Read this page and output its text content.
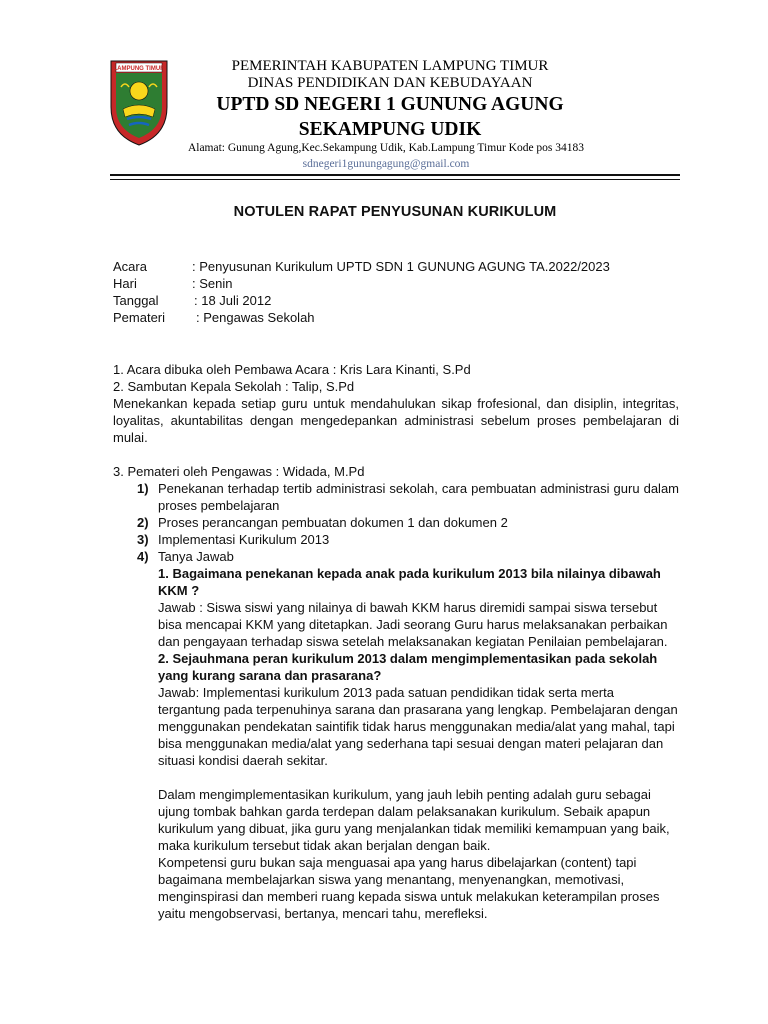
LAMPUNG TIMUR	PEMERINTAH KABUPATEN LAMPUNG TIMUR
DINAS PENDIDIKAN DAN KEBUDAYAAN
UPTD SD NEGERI 1 GUNUNG AGUNG
SEKAMPUNG UDIK
Alamat: Gunung Agung,Kec.Sekampung Udik, Kab.Lampung Timur Kode pos 34183
sdnegeri1gunungagung@gmail.com
NOTULEN RAPAT PENYUSUNAN KURIKULUM
Acara	: Penyusunan Kurikulum UPTD SDN 1 GUNUNG AGUNG TA.2022/2023
Hari	: Senin
Tanggal	: 18 Juli 2012
Pemateri	: Pengawas Sekolah

1. Acara dibuka oleh Pembawa Acara : Kris Lara Kinanti, S.Pd

2. Sambutan Kepala Sekolah : Talip, S.Pd

Menekankan kepada setiap guru untuk mendahulukan sikap frofesional, dan disiplin, integritas, loyalitas, akuntabilitas dengan mengedepankan administrasi sebelum proses pembelajaran di mulai.

3. Pemateri oleh Pengawas : Widada, M.Pd

1) Penekanan terhadap tertib administrasi sekolah, cara pembuatan administrasi guru dalam proses pembelajaran
2) Proses perancangan pembuatan dokumen 1 dan dokumen 2
3) Implementasi Kurikulum 2013
4) Tanya Jawab

1. Bagaimana penekanan kepada anak pada kurikulum 2013 bila nilainya dibawah KKM ?

Jawab : Siswa siswi yang nilainya di bawah KKM harus diremidi sampai siswa tersebut bisa mencapai KKM yang ditetapkan. Jadi seorang Guru harus melaksanakan perbaikan dan pengayaan terhadap siswa setelah melaksanakan kegiatan Penilaian pembelajaran.

2. Sejauhmana peran kurikulum 2013 dalam mengimplementasikan pada sekolah yang kurang sarana dan prasarana?

Jawab: Implementasi kurikulum 2013 pada satuan pendidikan tidak serta merta tergantung pada terpenuhinya sarana dan prasarana yang lengkap. Pembelajaran dengan menggunakan pendekatan saintifik tidak harus menggunakan media/alat yang mahal, tapi bisa menggunakan media/alat yang sederhana tapi sesuai dengan materi pelajaran dan situasi kondisi daerah sekitar.

Dalam mengimplementasikan kurikulum, yang jauh lebih penting adalah guru sebagai ujung tombak bahkan garda terdepan dalam pelaksanakan kurikulum. Sebaik apapun kurikulum yang dibuat, jika guru yang menjalankan tidak memiliki kemampuan yang baik, maka kurikulum tersebut tidak akan berjalan dengan baik.

Kompetensi guru bukan saja menguasai apa yang harus dibelajarkan (content) tapi bagaimana membelajarkan siswa yang menantang, menyenangkan, memotivasi, menginspirasi dan memberi ruang kepada siswa untuk melakukan keterampilan proses yaitu mengobservasi, bertanya, mencari tahu, merefleksi.
